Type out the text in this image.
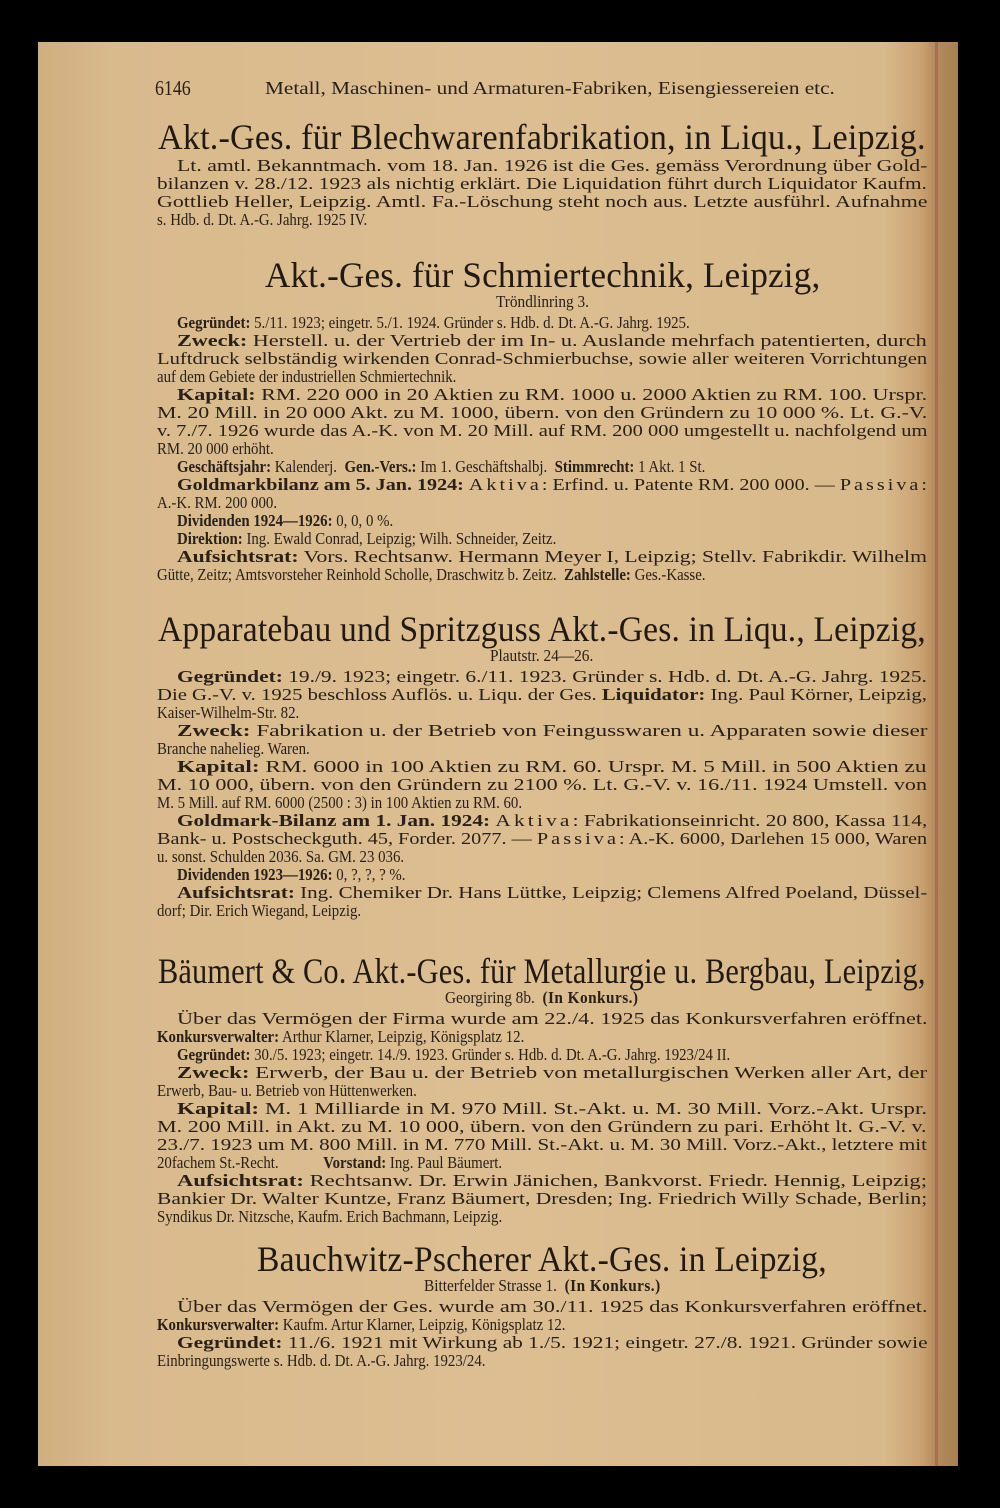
6146	Metall, Maschinen- und Armaturen-Fabriken, Eisengiessereien etc.
Akt.-Ges. für Blechwarenfabrikation, in Liqu., Leipzig.
Lt. amtl. Bekanntmach. vom 18. Jan. 1926 ist die Ges. gemäss Verordnung über Gold-
bilanzen v. 28./12. 1923 als nichtig erklärt. Die Liquidation führt durch Liquidator Kaufm.
Gottlieb Heller, Leipzig. Amtl. Fa.-Löschung steht noch aus. Letzte ausführl. Aufnahme
s. Hdb. d. Dt. A.-G. Jahrg. 1925 IV.
Akt.-Ges. für Schmiertechnik, Leipzig,
Tröndlinring 3.
Gegründet: 5./11. 1923; eingetr. 5./1. 1924. Gründer s. Hdb. d. Dt. A.-G. Jahrg. 1925.
Zweck: Herstell. u. der Vertrieb der im In- u. Auslande mehrfach patentierten, durch
Luftdruck selbständig wirkenden Conrad-Schmierbuchse, sowie aller weiteren Vorrichtungen
auf dem Gebiete der industriellen Schmiertechnik.
Kapital: RM. 220 000 in 20 Aktien zu RM. 1000 u. 2000 Aktien zu RM. 100. Urspr.
M. 20 Mill. in 20 000 Akt. zu M. 1000, übern. von den Gründern zu 10 000 %. Lt. G.-V.
v. 7./7. 1926 wurde das A.-K. von M. 20 Mill. auf RM. 200 000 umgestellt u. nachfolgend um
RM. 20 000 erhöht.
Geschäftsjahr: Kalenderj.  Gen.-Vers.: Im 1. Geschäftshalbj.  Stimmrecht: 1 Akt. 1 St.
Goldmarkbilanz am 5. Jan. 1924: Aktiva: Erfind. u. Patente RM. 200 000. — Passiva:
A.-K. RM. 200 000.
Dividenden 1924—1926: 0, 0, 0 %.
Direktion: Ing. Ewald Conrad, Leipzig; Wilh. Schneider, Zeitz.
Aufsichtsrat: Vors. Rechtsanw. Hermann Meyer I, Leipzig; Stellv. Fabrikdir. Wilhelm
Gütte, Zeitz; Amtsvorsteher Reinhold Scholle, Draschwitz b. Zeitz.  Zahlstelle: Ges.-Kasse.
Apparatebau und Spritzguss Akt.-Ges. in Liqu., Leipzig,
Plautstr. 24—26.
Gegründet: 19./9. 1923; eingetr. 6./11. 1923. Gründer s. Hdb. d. Dt. A.-G. Jahrg. 1925.
Die G.-V. v. 1925 beschloss Auflös. u. Liqu. der Ges. Liquidator: Ing. Paul Körner, Leipzig,
Kaiser-Wilhelm-Str. 82.
Zweck: Fabrikation u. der Betrieb von Feingusswaren u. Apparaten sowie dieser
Branche nahelieg. Waren.
Kapital: RM. 6000 in 100 Aktien zu RM. 60. Urspr. M. 5 Mill. in 500 Aktien zu
M. 10 000, übern. von den Gründern zu 2100 %. Lt. G.-V. v. 16./11. 1924 Umstell. von
M. 5 Mill. auf RM. 6000 (2500 : 3) in 100 Aktien zu RM. 60.
Goldmark-Bilanz am 1. Jan. 1924: Aktiva: Fabrikationseinricht. 20 800, Kassa 114,
Bank- u. Postscheckguth. 45, Forder. 2077. — Passiva: A.-K. 6000, Darlehen 15 000, Waren
u. sonst. Schulden 2036. Sa. GM. 23 036.
Dividenden 1923—1926: 0, ?, ?, ? %.
Aufsichtsrat: Ing. Chemiker Dr. Hans Lüttke, Leipzig; Clemens Alfred Poeland, Düssel-
dorf; Dir. Erich Wiegand, Leipzig.
Bäumert & Co. Akt.-Ges. für Metallurgie u. Bergbau, Leipzig,
Georgiring 8b. (In Konkurs.)
Über das Vermögen der Firma wurde am 22./4. 1925 das Konkursverfahren eröffnet.
Konkursverwalter: Arthur Klarner, Leipzig, Königsplatz 12.
Gegründet: 30./5. 1923; eingetr. 14./9. 1923. Gründer s. Hdb. d. Dt. A.-G. Jahrg. 1923/24 II.
Zweck: Erwerb, der Bau u. der Betrieb von metallurgischen Werken aller Art, der
Erwerb, Bau- u. Betrieb von Hüttenwerken.
Kapital: M. 1 Milliarde in M. 970 Mill. St.-Akt. u. M. 30 Mill. Vorz.-Akt. Urspr.
M. 200 Mill. in Akt. zu M. 10 000, übern. von den Gründern zu pari. Erhöht lt. G.-V. v.
23./7. 1923 um M. 800 Mill. in M. 770 Mill. St.-Akt. u. M. 30 Mill. Vorz.-Akt., letztere mit
20fachem St.-Recht.            Vorstand: Ing. Paul Bäumert.
Aufsichtsrat: Rechtsanw. Dr. Erwin Jänichen, Bankvorst. Friedr. Hennig, Leipzig;
Bankier Dr. Walter Kuntze, Franz Bäumert, Dresden; Ing. Friedrich Willy Schade, Berlin;
Syndikus Dr. Nitzsche, Kaufm. Erich Bachmann, Leipzig.
Bauchwitz-Pscherer Akt.-Ges. in Leipzig,
Bitterfelder Strasse 1. (In Konkurs.)
Über das Vermögen der Ges. wurde am 30./11. 1925 das Konkursverfahren eröffnet.
Konkursverwalter: Kaufm. Artur Klarner, Leipzig, Königsplatz 12.
Gegründet: 11./6. 1921 mit Wirkung ab 1./5. 1921; eingetr. 27./8. 1921. Gründer sowie
Einbringungswerte s. Hdb. d. Dt. A.-G. Jahrg. 1923/24.
